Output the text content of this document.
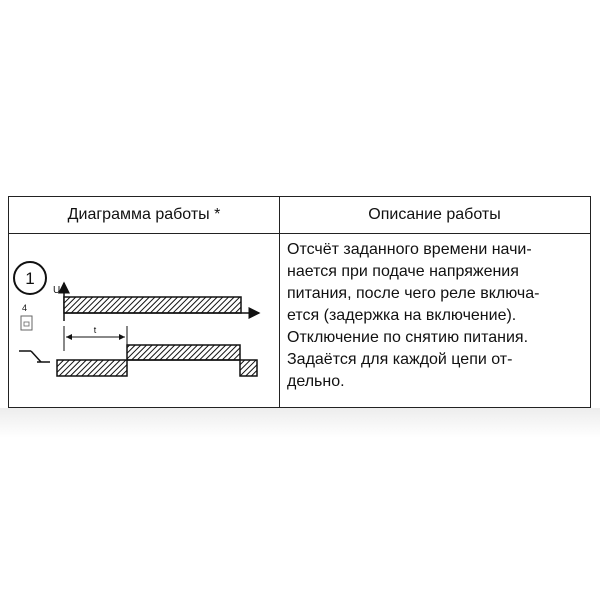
Диаграмма работы *	Описание работы
1
U
4
t
Отсчёт заданного времени начи-
нается при подаче напряжения
питания, после чего реле включа-
ется (задержка на включение).
Отключение по снятию питания.
Задаётся для каждой цепи от-
дельно.
